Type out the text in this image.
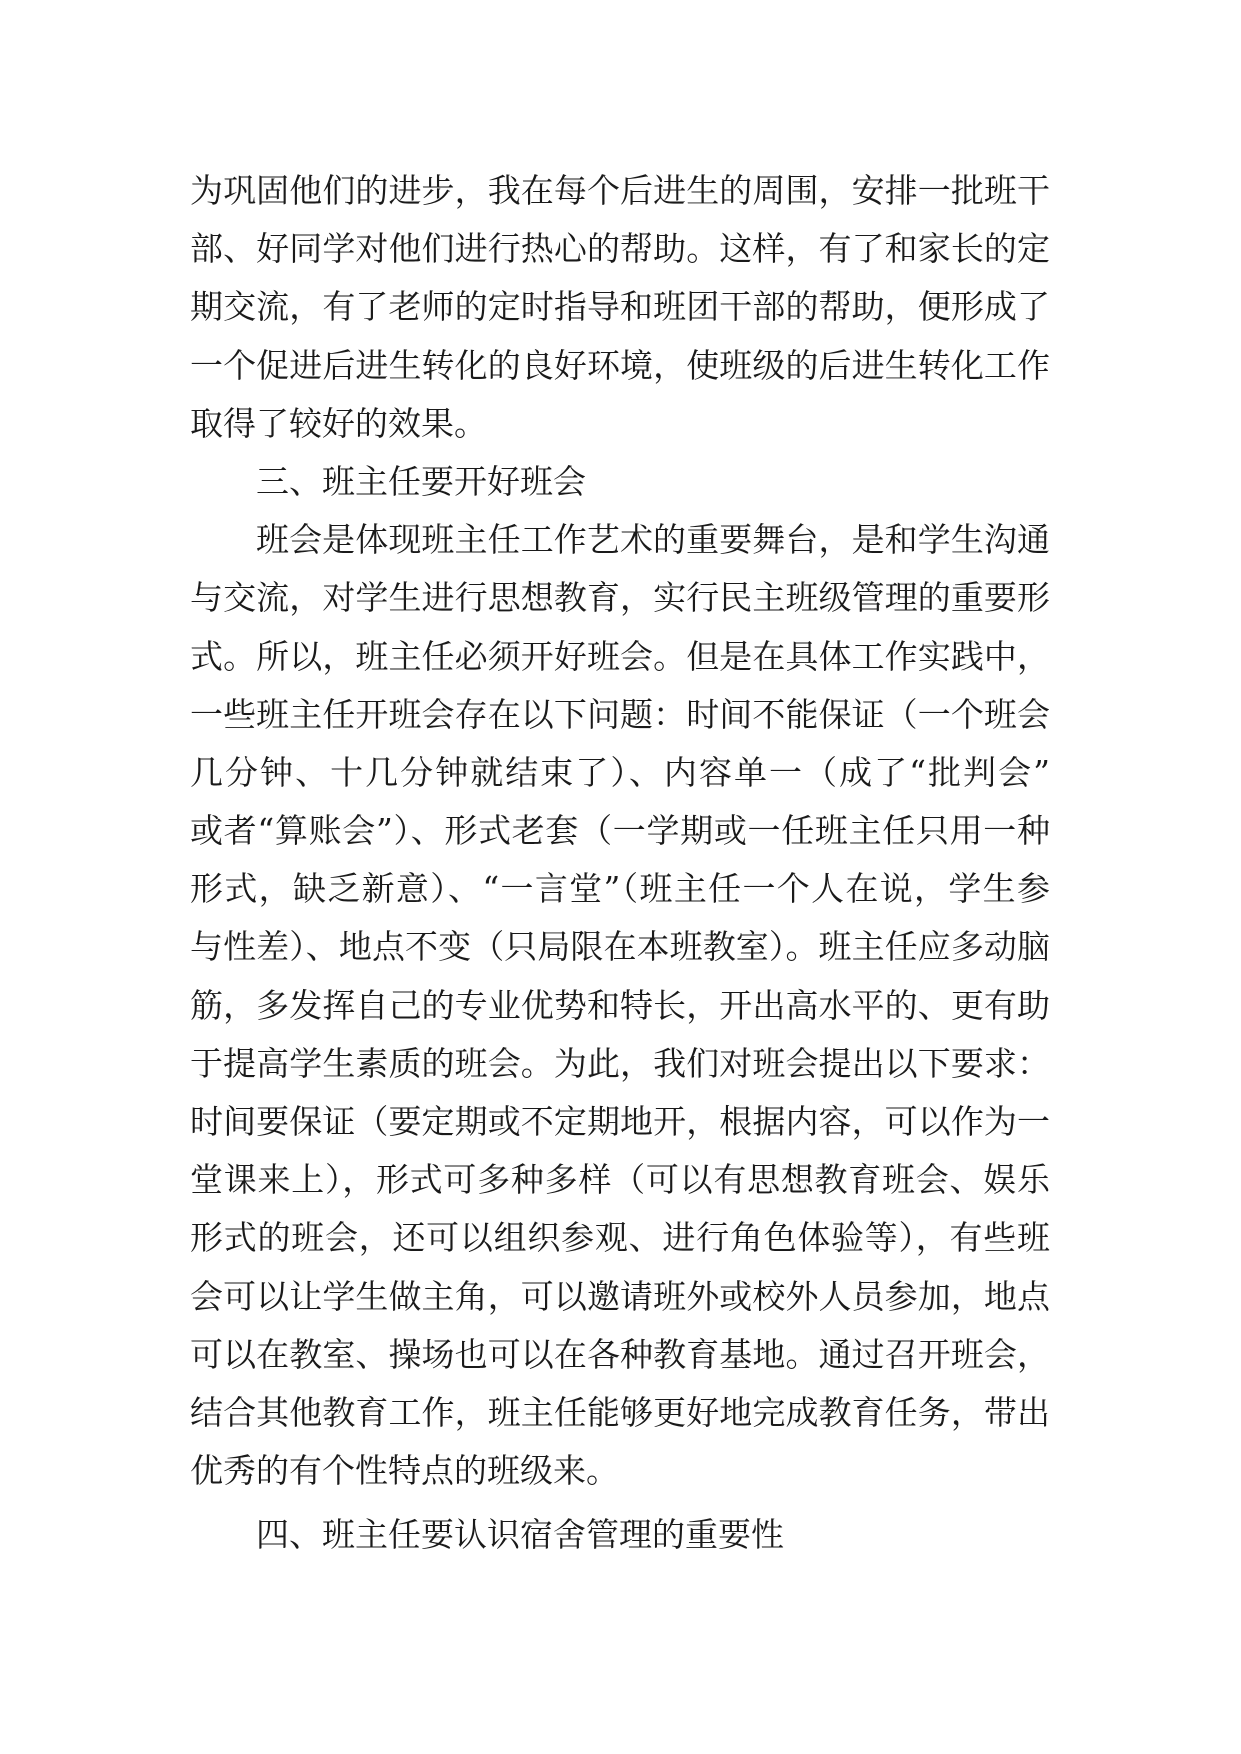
为巩固他们的进步，我在每个后进生的周围，安排一批班干
部、好同学对他们进行热心的帮助。这样，有了和家长的定
期交流，有了老师的定时指导和班团干部的帮助，便形成了
一个促进后进生转化的良好环境，使班级的后进生转化工作
取得了较好的效果。
三、班主任要开好班会
班会是体现班主任工作艺术的重要舞台，是和学生沟通
与交流，对学生进行思想教育，实行民主班级管理的重要形
式。所以，班主任必须开好班会。但是在具体工作实践中，
一些班主任开班会存在以下问题：时间不能保证（一个班会
几分钟、十几分钟就结束了）、内容单一（成了“批判会”
或者“算账会”）、形式老套（一学期或一任班主任只用一种
形式，缺乏新意）、“一言堂”（班主任一个人在说，学生参
与性差）、地点不变（只局限在本班教室）。班主任应多动脑
筋，多发挥自己的专业优势和特长，开出高水平的、更有助
于提高学生素质的班会。为此，我们对班会提出以下要求：
时间要保证（要定期或不定期地开，根据内容，可以作为一
堂课来上），形式可多种多样（可以有思想教育班会、娱乐
形式的班会，还可以组织参观、进行角色体验等），有些班
会可以让学生做主角，可以邀请班外或校外人员参加，地点
可以在教室、操场也可以在各种教育基地。通过召开班会，
结合其他教育工作，班主任能够更好地完成教育任务，带出
优秀的有个性特点的班级来。
四、班主任要认识宿舍管理的重要性
